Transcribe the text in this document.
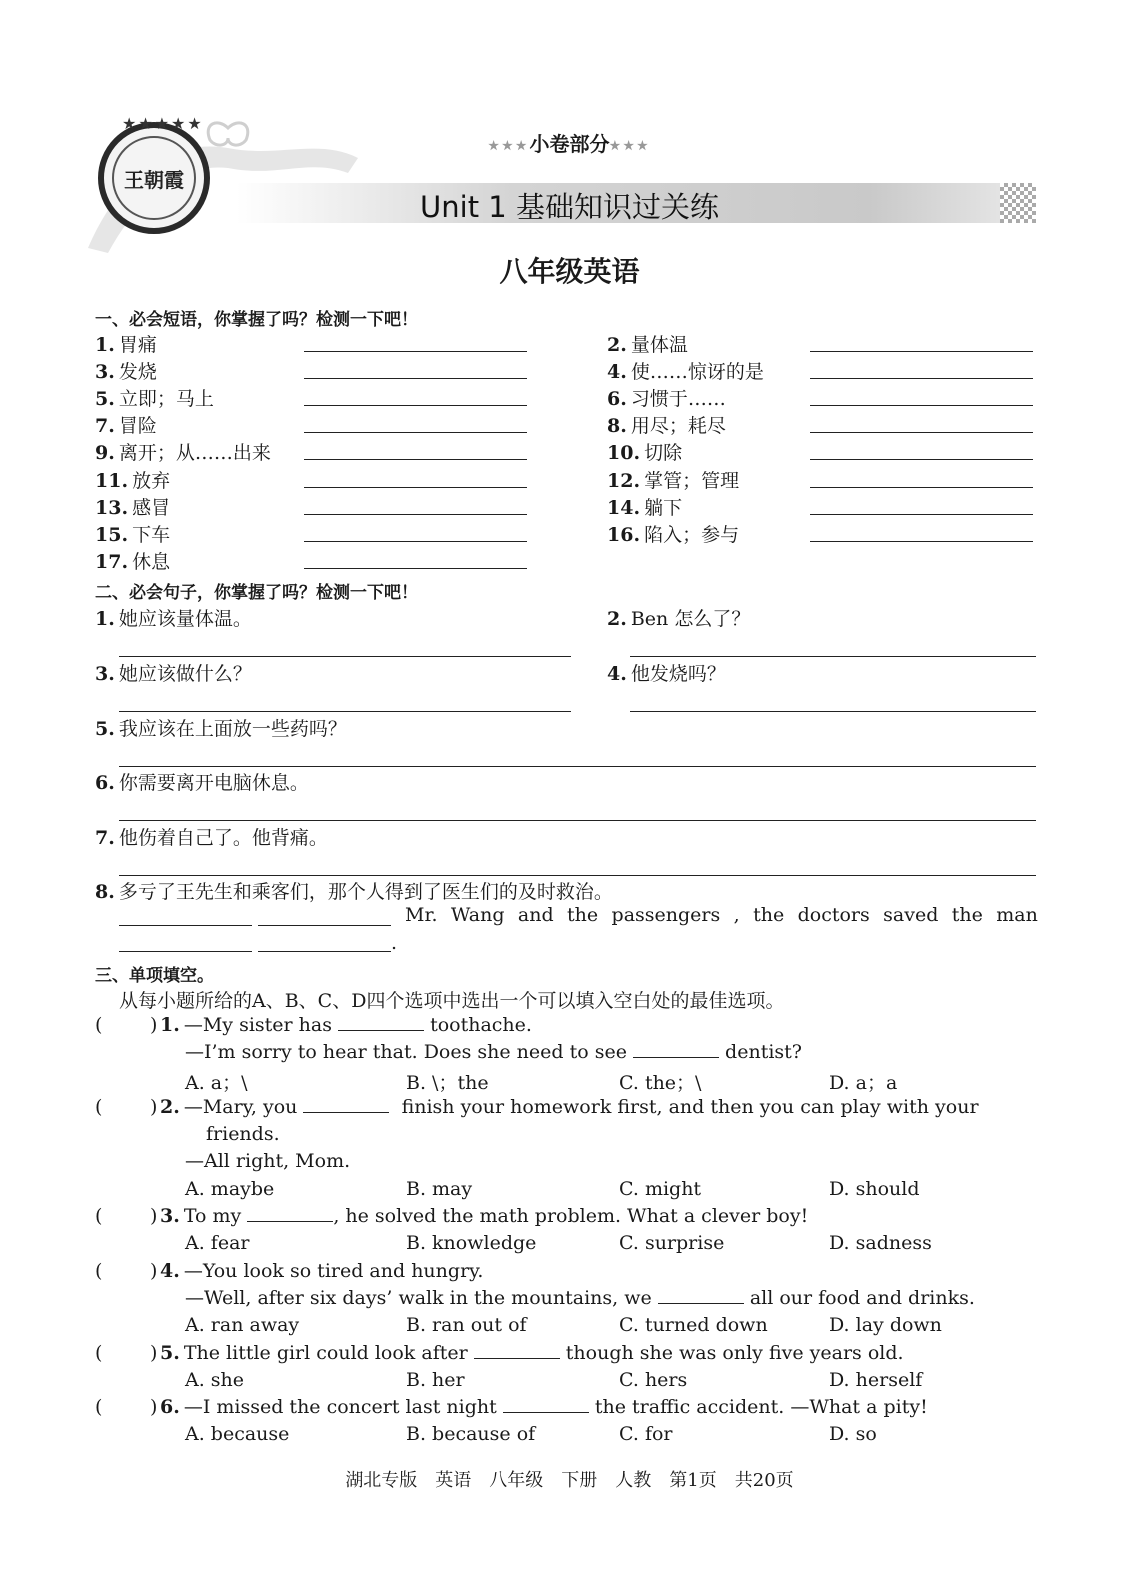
★★★★★
王朝霞
★★★小卷部分★★★
Unit 1 基础知识过关练
八年级英语
一、必会短语，你掌握了吗？检测一下吧！
1. 胃痛	2. 量体温
3. 发烧	4. 使……惊讶的是
5. 立即；马上	6. 习惯于……
7. 冒险	8. 用尽；耗尽
9. 离开；从……出来	10. 切除
11. 放弃	12. 掌管；管理
13. 感冒	14. 躺下
15. 下车	16. 陷入；参与
17. 休息
二、必会句子，你掌握了吗？检测一下吧！
1. 她应该量体温。	2. Ben 怎么了？
3. 她应该做什么？	4. 他发烧吗？
5. 我应该在上面放一些药吗？
6. 你需要离开电脑休息。
7. 他伤着自己了。他背痛。
8. 多亏了王先生和乘客们，那个人得到了医生们的及时救治。
Mr. Wang and the passengers , the doctors saved the man
.
三、单项填空。
从每小题所给的A、B、C、D四个选项中选出一个可以填入空白处的最佳选项。
(	) 1. —My sister has	toothache.
—I’m sorry to hear that. Does she need to see	dentist?
A. a；\	B. \；the	C. the；\	D. a；a
(	) 2. —Mary, you	finish your homework first, and then you can play with your
friends.
—All right, Mom.
A. maybe	B. may	C. might	D. should
(	) 3. To my	, he solved the math problem. What a clever boy!
A. fear	B. knowledge	C. surprise	D. sadness
(	) 4. —You look so tired and hungry.
—Well, after six days’ walk in the mountains, we	all our food and drinks.
A. ran away	B. ran out of	C. turned down	D. lay down
(	) 5. The little girl could look after	though she was only five years old.
A. she	B. her	C. hers	D. herself
(	) 6. —I missed the concert last night	the traffic accident. —What a pity!
A. because	B. because of	C. for	D. so
湖北专版　英语　八年级　下册　人教　第1页　共20页
